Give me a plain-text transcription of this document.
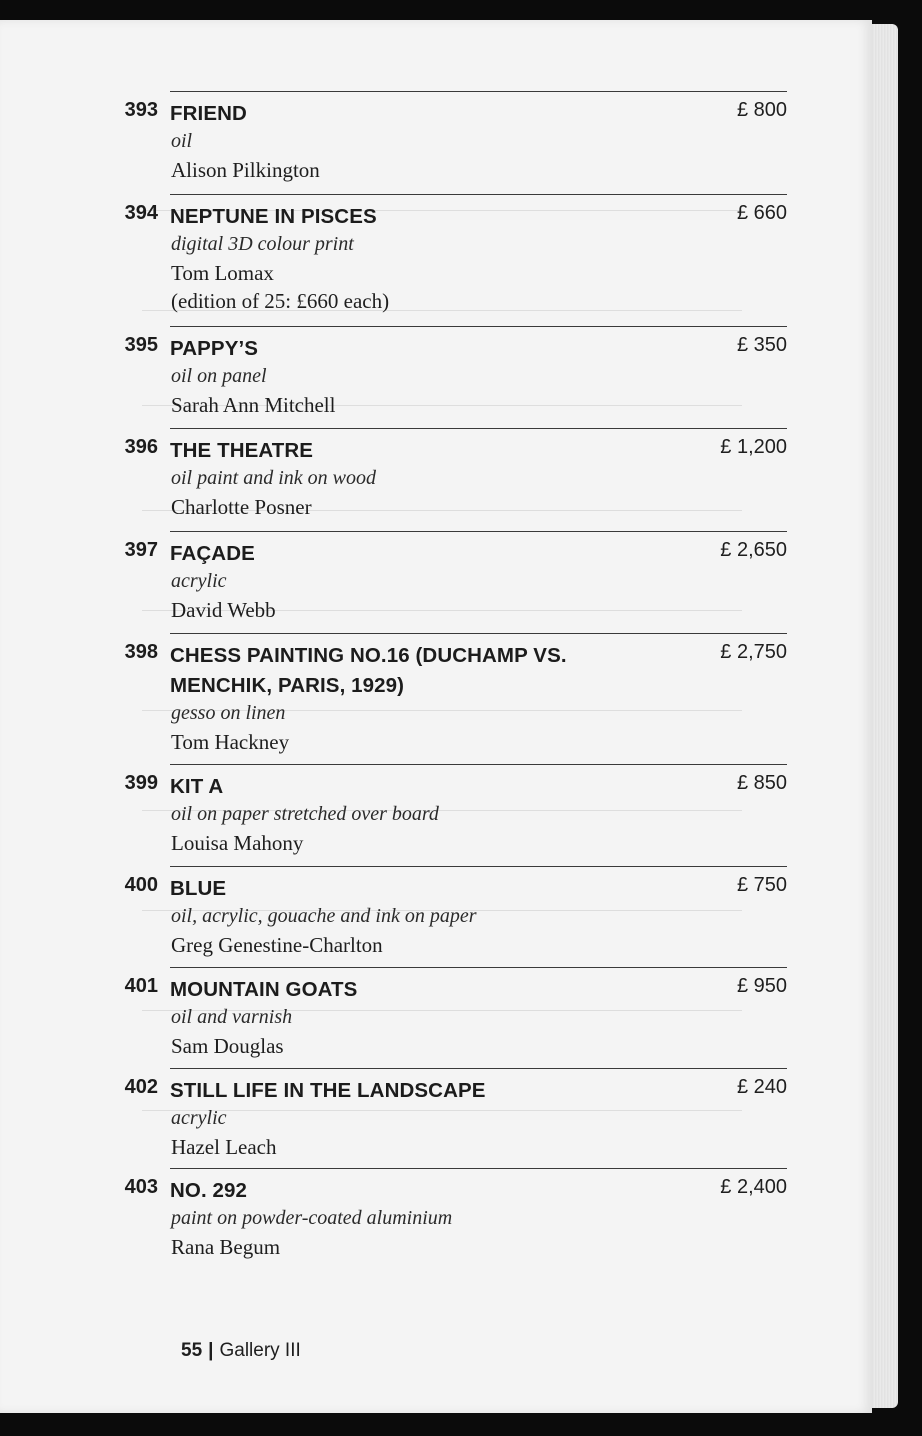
393 FRIEND
oil
Alison Pilkington
£ 800
394 NEPTUNE IN PISCES
digital 3D colour print
Tom Lomax
(edition of 25: £660 each)
£ 660
395 PAPPY’S
oil on panel
Sarah Ann Mitchell
£ 350
396 THE THEATRE
oil paint and ink on wood
Charlotte Posner
£ 1,200
397 FAÇADE
acrylic
David Webb
£ 2,650
398 CHESS PAINTING NO.16 (DUCHAMP VS. MENCHIK, PARIS, 1929)
gesso on linen
Tom Hackney
£ 2,750
399 KIT A
oil on paper stretched over board
Louisa Mahony
£ 850
400 BLUE
oil, acrylic, gouache and ink on paper
Greg Genestine-Charlton
£ 750
401 MOUNTAIN GOATS
oil and varnish
Sam Douglas
£ 950
402 STILL LIFE IN THE LANDSCAPE
acrylic
Hazel Leach
£ 240
403 NO. 292
paint on powder-coated aluminium
Rana Begum
£ 2,400
55 | Gallery III
